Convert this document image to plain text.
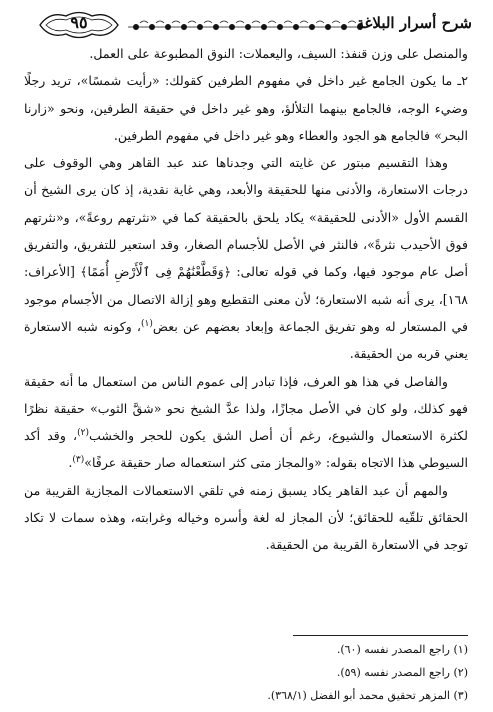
٩٥	شرح أسرار البلاغة

والمنصل على وزن قنفذ: السيف، واليعملات: النوق المطبوعة على العمل.

٢ـ ما يكون الجامع غير داخل في مفهوم الطرفين كقولك: «رأيت شمسًا»، تريد رجلًا وضيء الوجه، فالجامع بينهما التلألؤ، وهو غير داخل في حقيقة الطرفين، ونحو «زارنا البحر» فالجامع هو الجود والعطاء وهو غير داخل في مفهوم الطرفين.

وهذا التقسيم مبتور عن غايته التي وجدناها عند عبد القاهر وهي الوقوف على درجات الاستعارة، والأدنى منها للحقيقة والأبعد، وهي غاية نقدية، إذ كان يرى الشيخ أن القسم الأول «الأدنى للحقيقة» يكاد يلحق بالحقيقة كما في «نثرتهم روعةً»، و«نثرتهم فوق الأحيدب نثرةً»، فالنثر في الأصل للأجسام الصغار، وقد استعير للتفريق، والتفريق أصل عام موجود فيها، وكما في قوله تعالى: ﴿وَقَطَّعْنَٰهُمْ فِى ٱلْأَرْضِ أُمَمًا﴾ [الأعراف: ١٦٨]، يرى أنه شبه الاستعارة؛ لأن معنى التقطيع وهو إزالة الاتصال من الأجسام موجود في المستعار له وهو تفريق الجماعة وإبعاد بعضهم عن بعض$^{(١)}$، وكونه شبه الاستعارة يعني قربه من الحقيقة.

والفاصل في هذا هو العرف، فإذا تبادر إلى عموم الناس من استعمال ما أنه حقيقة فهو كذلك، ولو كان في الأصل مجازًا، ولذا عدَّ الشيخ نحو «شقَّ الثوب» حقيقة نظرًا لكثرة الاستعمال والشيوع، رغم أن أصل الشق يكون للحجر والخشب$^{(٢)}$، وقد أكد السيوطي هذا الاتجاه بقوله: «والمجاز متى كثر استعماله صار حقيقة عرفًا»$^{(٣)}$.

والمهم أن عبد القاهر يكاد يسبق زمنه في تلقي الاستعمالات المجازية القريبة من الحقائق تلقّيه للحقائق؛ لأن المجاز له لغة وأسره وخياله وغرابته، وهذه سمات لا تكاد توجد في الاستعارة القريبة من الحقيقة.

(١) راجع المصدر نفسه (٦٠).
(٢) راجع المصدر نفسه (٥٩).
(٣) المزهر تحقيق محمد أبو الفضل (٣٦٨/١).
